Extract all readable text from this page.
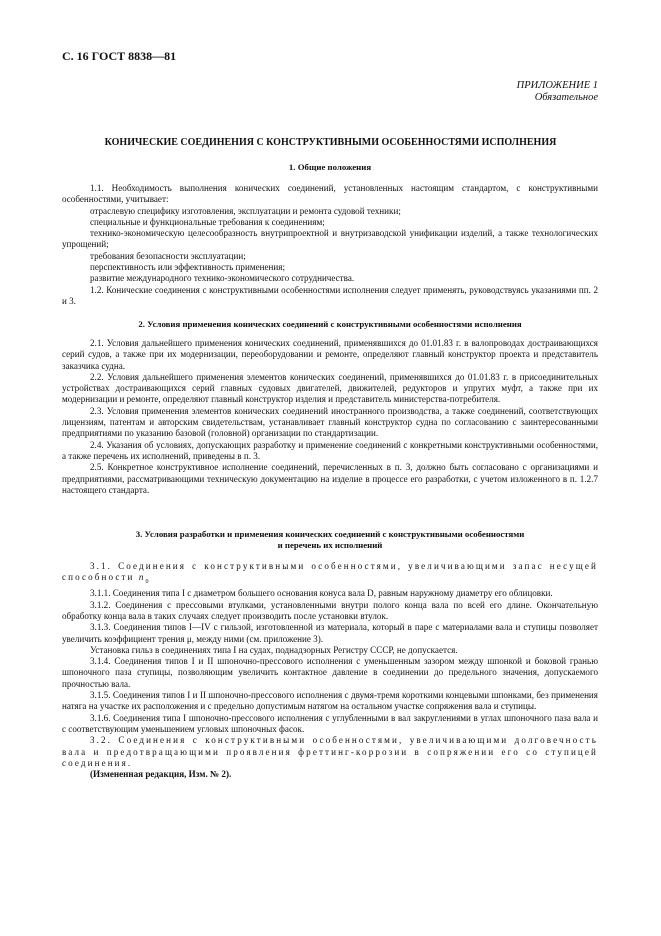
С. 16 ГОСТ 8838—81
ПРИЛОЖЕНИЕ 1
Обязательное
КОНИЧЕСКИЕ СОЕДИНЕНИЯ С КОНСТРУКТИВНЫМИ ОСОБЕННОСТЯМИ ИСПОЛНЕНИЯ
1. Общие положения

1.1. Необходимость выполнения конических соединений, установленных настоящим стандартом, с конструктивными особенностями, учитывает:

отраслевую специфику изготовления, эксплуатации и ремонта судовой техники;

специальные и функциональные требования к соединениям;

технико-экономическую целесообразность внутрипроектной и внутризаводской унификации изделий, а также технологических упрощений;

требования безопасности эксплуатации;

перспективность или эффективность применения;

развитие международного технико-экономического сотрудничества.

1.2. Конические соединения с конструктивными особенностями исполнения следует применять, руководствуясь указаниями пп. 2 и 3.

2. Условия применения конических соединений с конструктивными особенностями исполнения

2.1. Условия дальнейшего применения конических соединений, применявшихся до 01.01.83 г. в валопроводах достраивающихся серий судов, а также при их модернизации, переоборудовании и ремонте, определяют главный конструктор проекта и представитель заказчика судна.

2.2. Условия дальнейшего применения элементов конических соединений, применявшихся до 01.01.83 г. в присоединительных устройствах достраивающихся серий главных судовых двигателей, движителей, редукторов и упругих муфт, а также при их модернизации и ремонте, определяют главный конструктор изделия и представитель министерства-потребителя.

2.3. Условия применения элементов конических соединений иностранного производства, а также соединений, соответствующих лицензиям, патентам и авторским свидетельствам, устанавливает главный конструктор судна по согласованию с заинтересованными предприятиями по указанию базовой (головной) организации по стандартизации.

2.4. Указания об условиях, допускающих разработку и применение соединений с конкретными конструктивными особенностями, а также перечень их исполнений, приведены в п. 3.

2.5. Конкретное конструктивное исполнение соединений, перечисленных в п. 3, должно быть согласовано с организациями и предприятиями, рассматривающими техническую документацию на изделие в процессе его разработки, с учетом изложенного в п. 1.2.7 настоящего стандарта.

3. Условия разработки и применения конических соединений с конструктивными особенностями
и перечень их исполнений

3.1. Соединения с конструктивными особенностями, увеличивающими запас несущей способности $n_0$

3.1.1. Соединения типа I с диаметром большего основания конуса вала D, равным наружному диаметру его облицовки.

3.1.2. Соединения с прессовыми втулками, установленными внутри полого конца вала по всей его длине. Окончательную обработку конца вала в таких случаях следует производить после установки втулок.

3.1.3. Соединения типов I—IV с гильзой, изготовленной из материала, который в паре с материалами вала и ступицы позволяет увеличить коэффициент трения μ, между ними (см. приложение 3).

Установка гильз в соединениях типа I на судах, поднадзорных Регистру СССР, не допускается.

3.1.4. Соединения типов I и II шпоночно-прессового исполнения с уменьшенным зазором между шпонкой и боковой гранью шпоночного паза ступицы, позволяющим увеличить контактное давление в соединении до предельного значения, допускаемого прочностью вала.

3.1.5. Соединения типов I и II шпоночно-прессового исполнения с двумя-тремя короткими концевыми шпонками, без применения натяга на участке их расположения и с предельно допустимым натягом на остальном участке сопряжения вала и ступицы.

3.1.6. Соединения типа I шпоночно-прессового исполнения с углубленными в вал закруглениями в углах шпоночного паза вала и с соответствующим уменьшением угловых шпоночных фасок.

3.2. Соединения с конструктивными особенностями, увеличивающими долговечность вала и предотвращающими проявления фреттинг-коррозии в сопряжении его со ступицей соединения.

(Измененная редакция, Изм. № 2).
